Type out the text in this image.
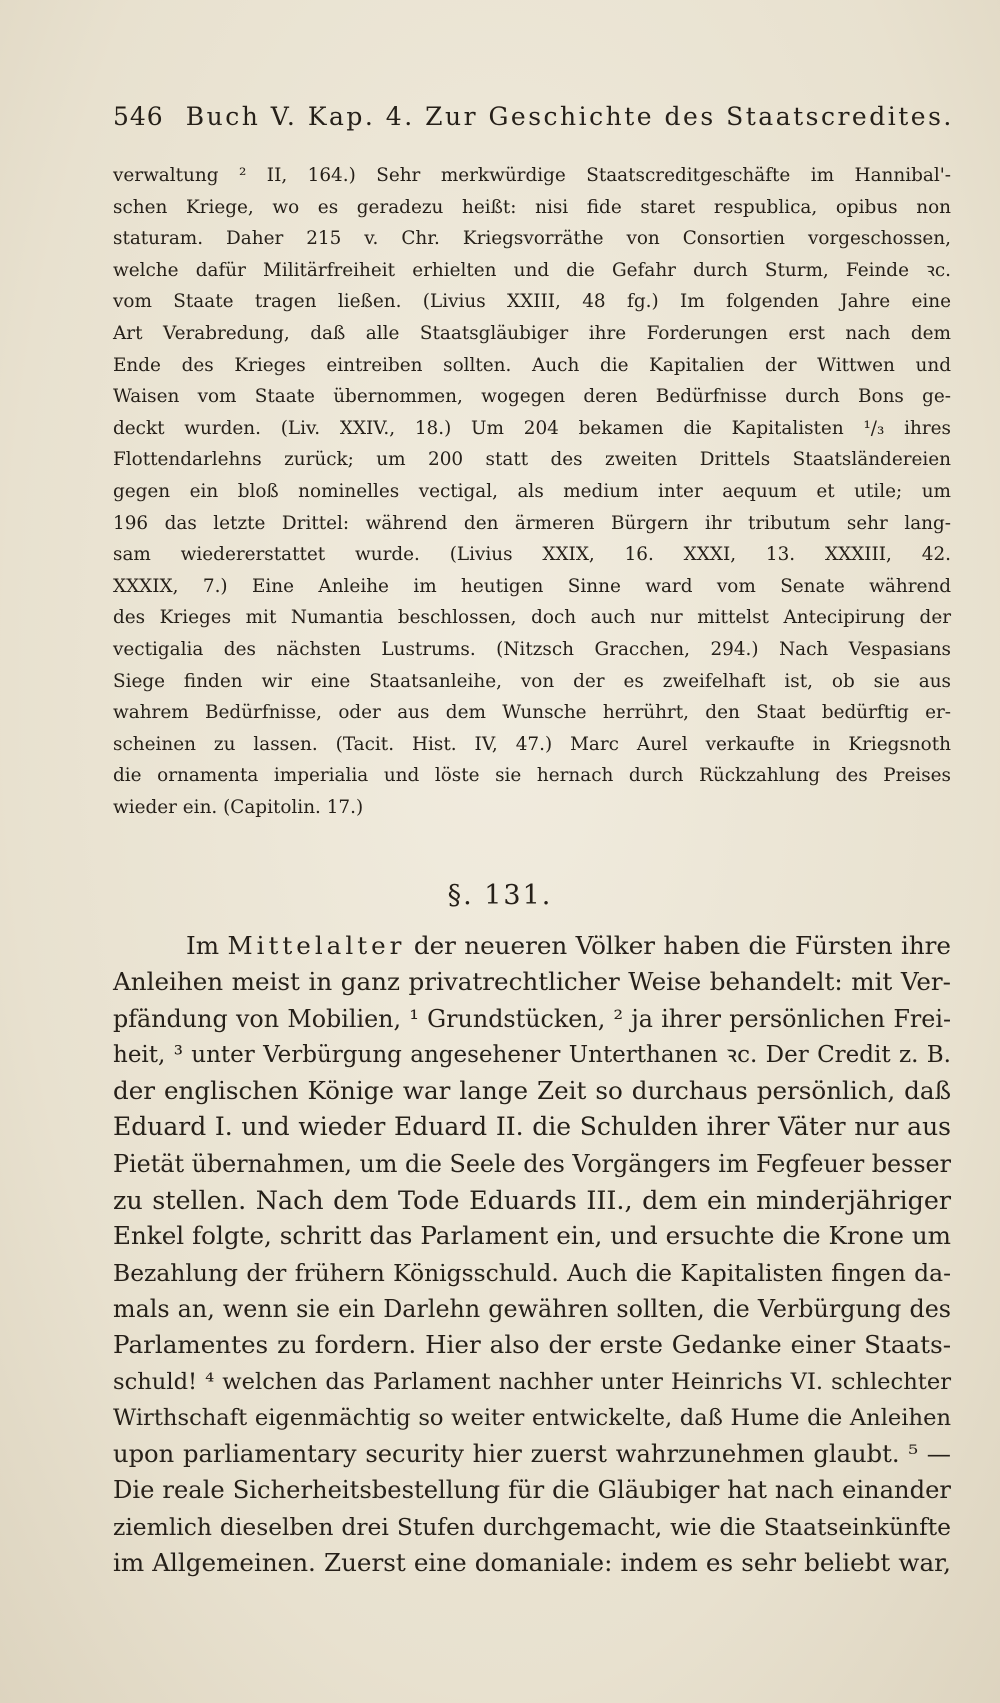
546 Buch V. Kap. 4. Zur Geschichte des Staatscredites.
verwaltung ² II, 164.) Sehr merkwürdige Staatscreditgeschäfte im Hannibal'-
schen Kriege, wo es geradezu heißt: nisi fide staret respublica, opibus non
staturam. Daher 215 v. Chr. Kriegsvorräthe von Consortien vorgeschossen,
welche dafür Militärfreiheit erhielten und die Gefahr durch Sturm, Feinde ꝛc.
vom Staate tragen ließen. (Livius XXIII, 48 fg.) Im folgenden Jahre eine
Art Verabredung, daß alle Staatsgläubiger ihre Forderungen erst nach dem
Ende des Krieges eintreiben sollten. Auch die Kapitalien der Wittwen und
Waisen vom Staate übernommen, wogegen deren Bedürfnisse durch Bons ge-
deckt wurden. (Liv. XXIV., 18.) Um 204 bekamen die Kapitalisten ¹/₃ ihres
Flottendarlehns zurück; um 200 statt des zweiten Drittels Staatsländereien
gegen ein bloß nominelles vectigal, als medium inter aequum et utile; um
196 das letzte Drittel: während den ärmeren Bürgern ihr tributum sehr lang-
sam wiedererstattet wurde. (Livius XXIX, 16. XXXI, 13. XXXIII, 42.
XXXIX, 7.) Eine Anleihe im heutigen Sinne ward vom Senate während
des Krieges mit Numantia beschlossen, doch auch nur mittelst Antecipirung der
vectigalia des nächsten Lustrums. (Nitzsch Gracchen, 294.) Nach Vespasians
Siege finden wir eine Staatsanleihe, von der es zweifelhaft ist, ob sie aus
wahrem Bedürfnisse, oder aus dem Wunsche herrührt, den Staat bedürftig er-
scheinen zu lassen. (Tacit. Hist. IV, 47.) Marc Aurel verkaufte in Kriegsnoth
die ornamenta imperialia und löste sie hernach durch Rückzahlung des Preises
wieder ein. (Capitolin. 17.)
§. 131.
Im Mittelalter der neueren Völker haben die Fürsten ihre
Anleihen meist in ganz privatrechtlicher Weise behandelt: mit Ver-
pfändung von Mobilien, ¹ Grundstücken, ² ja ihrer persönlichen Frei-
heit, ³ unter Verbürgung angesehener Unterthanen ꝛc. Der Credit z. B.
der englischen Könige war lange Zeit so durchaus persönlich, daß
Eduard I. und wieder Eduard II. die Schulden ihrer Väter nur aus
Pietät übernahmen, um die Seele des Vorgängers im Fegfeuer besser
zu stellen. Nach dem Tode Eduards III., dem ein minderjähriger
Enkel folgte, schritt das Parlament ein, und ersuchte die Krone um
Bezahlung der frühern Königsschuld. Auch die Kapitalisten fingen da-
mals an, wenn sie ein Darlehn gewähren sollten, die Verbürgung des
Parlamentes zu fordern. Hier also der erste Gedanke einer Staats-
schuld! ⁴ welchen das Parlament nachher unter Heinrichs VI. schlechter
Wirthschaft eigenmächtig so weiter entwickelte, daß Hume die Anleihen
upon parliamentary security hier zuerst wahrzunehmen glaubt. ⁵ —
Die reale Sicherheitsbestellung für die Gläubiger hat nach einander
ziemlich dieselben drei Stufen durchgemacht, wie die Staatseinkünfte
im Allgemeinen. Zuerst eine domaniale: indem es sehr beliebt war,
